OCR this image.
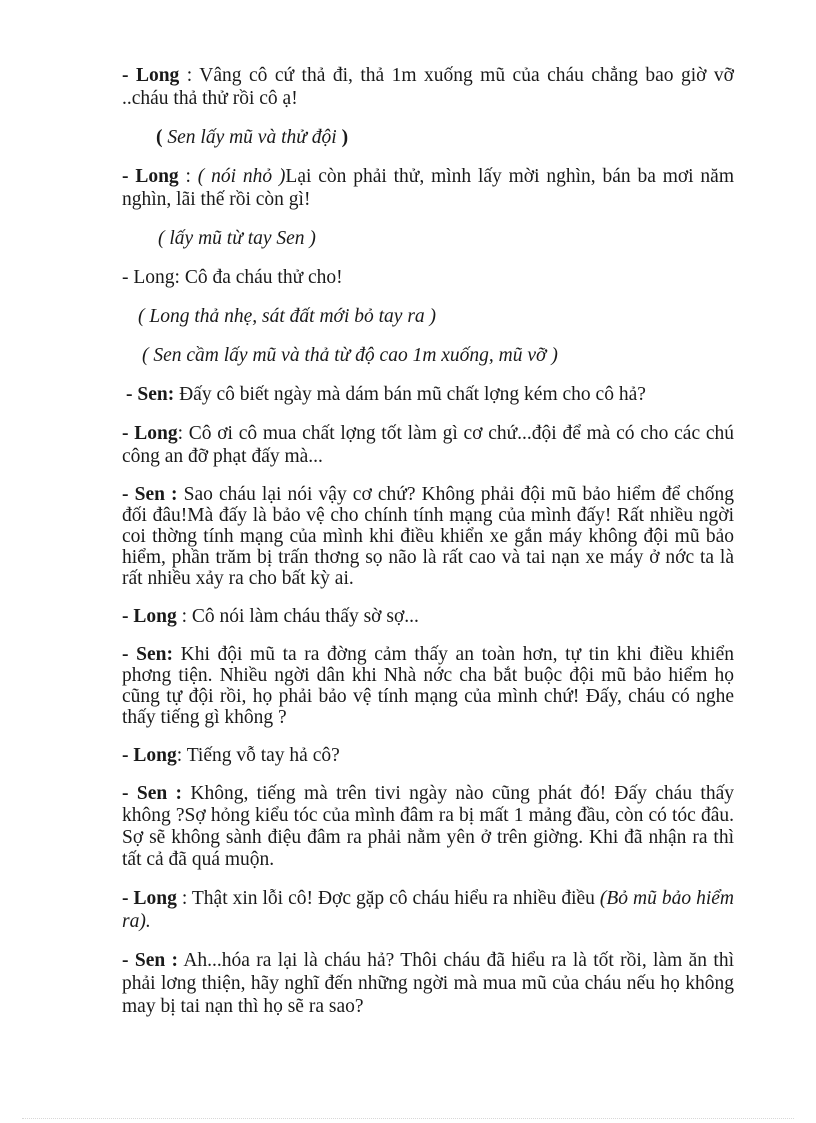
- Long : Vâng cô cứ thả đi, thả 1m xuống mũ của cháu chẳng bao giờ vỡ ..cháu thả thử rồi cô ạ!

( Sen lấy mũ và thử đội )

- Long : ( nói nhỏ )Lại còn phải thử, mình lấy mời nghìn, bán ba mơi năm nghìn, lãi thế rồi còn gì!

( lấy mũ từ tay Sen )

- Long: Cô đa cháu thử cho!

( Long thả nhẹ, sát đất mới bỏ tay ra )

( Sen cầm lấy mũ và thả từ độ cao 1m xuống, mũ vỡ )

- Sen: Đấy cô biết ngày mà dám bán mũ chất lợng kém cho cô hả?

- Long: Cô ơi cô mua chất lợng tốt làm gì cơ chứ...đội để mà có cho các chú công an đỡ phạt đấy mà...

- Sen : Sao cháu lại nói vậy cơ chứ? Không phải đội mũ bảo hiểm để chống đối đâu!Mà đấy là bảo vệ cho chính tính mạng của mình đấy! Rất nhiều ngời coi thờng tính mạng của mình khi điều khiển xe gắn máy không đội mũ bảo hiểm, phần trăm bị trấn thơng sọ não là rất cao và tai nạn xe máy ở nớc ta là rất nhiều xảy ra cho bất kỳ ai.

- Long : Cô nói làm cháu thấy sờ sợ...

- Sen: Khi đội mũ ta ra đờng cảm thấy an toàn hơn, tự tin khi điều khiển phơng tiện. Nhiều ngời dân khi Nhà nớc cha bắt buộc đội mũ bảo hiểm họ cũng tự đội rồi, họ phải bảo vệ tính mạng của mình chứ! Đấy, cháu có nghe thấy tiếng gì không ?

- Long: Tiếng vỗ tay hả cô?

- Sen : Không, tiếng mà trên tivi ngày nào cũng phát đó! Đấy cháu thấy không ?Sợ hỏng kiểu tóc của mình đâm ra bị mất 1 mảng đầu, còn có tóc đâu. Sợ sẽ không sành điệu đâm ra phải nằm yên ở trên giờng. Khi đã nhận ra thì tất cả đã quá muộn.

- Long : Thật xin lỗi cô! Đợc gặp cô cháu hiểu ra nhiều điều (Bỏ mũ bảo hiểm ra).

- Sen : Ah...hóa ra lại là cháu hả? Thôi cháu đã hiểu ra là tốt rồi, làm ăn thì phải lơng thiện, hãy nghĩ đến những ngời mà mua mũ của cháu nếu họ không may bị tai nạn thì họ sẽ ra sao?
